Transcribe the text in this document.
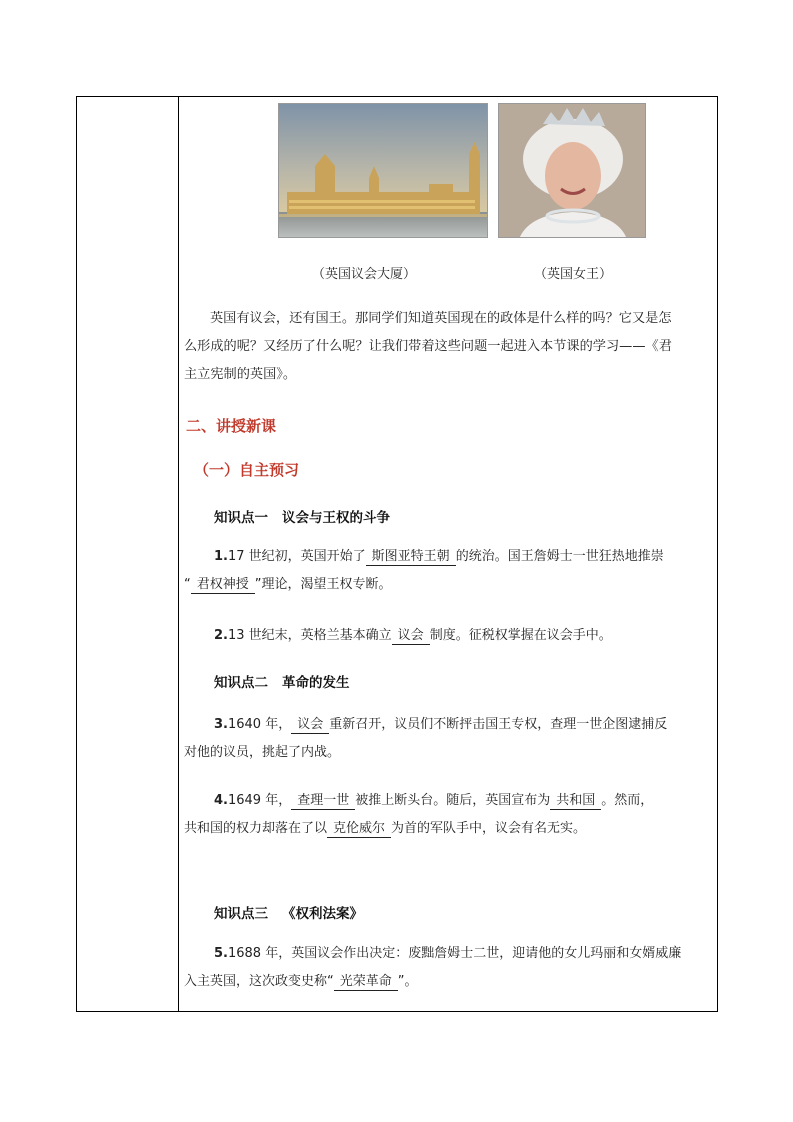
（英国议会大厦）	（英国女王）
英国有议会，还有国王。那同学们知道英国现在的政体是什么样的吗？它又是怎
么形成的呢？又经历了什么呢？让我们带着这些问题一起进入本节课的学习——《君
主立宪制的英国》。
二、讲授新课
（一）自主预习
知识点一 议会与王权的斗争
1.17 世纪初，英国开始了 斯图亚特王朝 的统治。国王詹姆士一世狂热地推崇
“ 君权神授 ”理论，渴望王权专断。
2.13 世纪末，英格兰基本确立 议会 制度。征税权掌握在议会手中。
知识点二 革命的发生
3.1640 年， 议会 重新召开，议员们不断抨击国王专权，查理一世企图逮捕反
对他的议员，挑起了内战。
4.1649 年， 查理一世 被推上断头台。随后，英国宣布为 共和国 。然而，
共和国的权力却落在了以 克伦威尔 为首的军队手中，议会有名无实。
知识点三 《权利法案》
5.1688 年，英国议会作出决定：废黜詹姆士二世，迎请他的女儿玛丽和女婿威廉
入主英国，这次政变史称“ 光荣革命 ”。
